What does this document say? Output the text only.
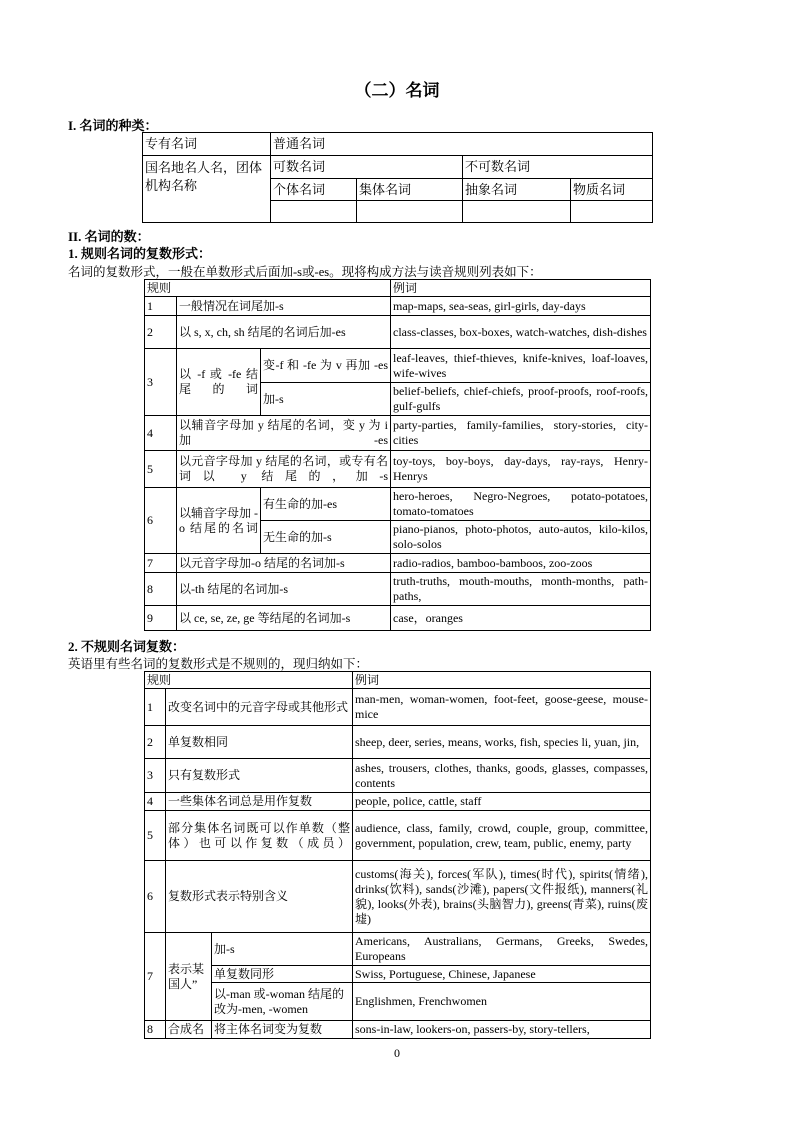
（二）名词
I. 名词的种类：
专有名词	普通名词			
国名地名人名，团体机构名称	可数名词		不可数名词	
	个体名词	集体名词	抽象名词	物质名词

II. 名词的数：
1. 规则名词的复数形式：
名词的复数形式，一般在单数形式后面加-s或-es。现将构成方法与读音规则列表如下：
规则			例词
1	一般情况在词尾加-s		map-maps, sea-seas, girl-girls, day-days
2	以 s, x, ch, sh 结尾的名词后加-es		class-classes, box-boxes, watch-watches, dish-dishes
3	以 -f 或 -fe 结尾的词	变-f 和 -fe 为 v 再加 -es	leaf-leaves, thief-thieves, knife-knives, loaf-loaves, wife-wives
		加-s	belief-beliefs, chief-chiefs, proof-proofs, roof-roofs, gulf-gulfs
4	以辅音字母加 y 结尾的名词，变 y 为 i 加-es		party-parties, family-families, story-stories, city-cities
5	以元音字母加 y 结尾的名词，或专有名词以 y 结尾的，加-s		toy-toys, boy-boys, day-days, ray-rays, Henry-Henrys
6	以辅音字母加 -o 结尾的名词	有生命的加-es	hero-heroes, Negro-Negroes, potato-potatoes, tomato-tomatoes
		无生命的加-s	piano-pianos, photo-photos, auto-autos, kilo-kilos, solo-solos
7	以元音字母加-o 结尾的名词加-s		radio-radios, bamboo-bamboos, zoo-zoos
8	以-th 结尾的名词加-s		truth-truths, mouth-mouths, month-months, path-paths,
9	以 ce, se, ze, ge 等结尾的名词加-s		case，oranges
2. 不规则名词复数：
英语里有些名词的复数形式是不规则的，现归纳如下：
规则			例词
1	改变名词中的元音字母或其他形式		man-men, woman-women, foot-feet, goose-geese, mouse-mice
2	单复数相同		sheep, deer, series, means, works, fish, species li, yuan, jin,
3	只有复数形式		ashes, trousers, clothes, thanks, goods, glasses, compasses, contents
4	一些集体名词总是用作复数		people, police, cattle, staff
5	部分集体名词既可以作单数（整体）也可以作复数（成员）		audience, class, family, crowd, couple, group, committee, government, population, crew, team, public, enemy, party
6	复数形式表示特别含义		customs(海关), forces(军队), times(时代), spirits(情绪), drinks(饮料), sands(沙滩), papers(文件报纸), manners(礼貌), looks(外表), brains(头脑智力), greens(青菜), ruins(废墟)
7	表示某国人”	加-s	Americans, Australians, Germans, Greeks, Swedes, Europeans
		单复数同形	Swiss, Portuguese, Chinese, Japanese
		以-man 或-woman 结尾的改为-men, -women	Englishmen, Frenchwomen
8	合成名	将主体名词变为复数	sons-in-law, lookers-on, passers-by, story-tellers,
0
